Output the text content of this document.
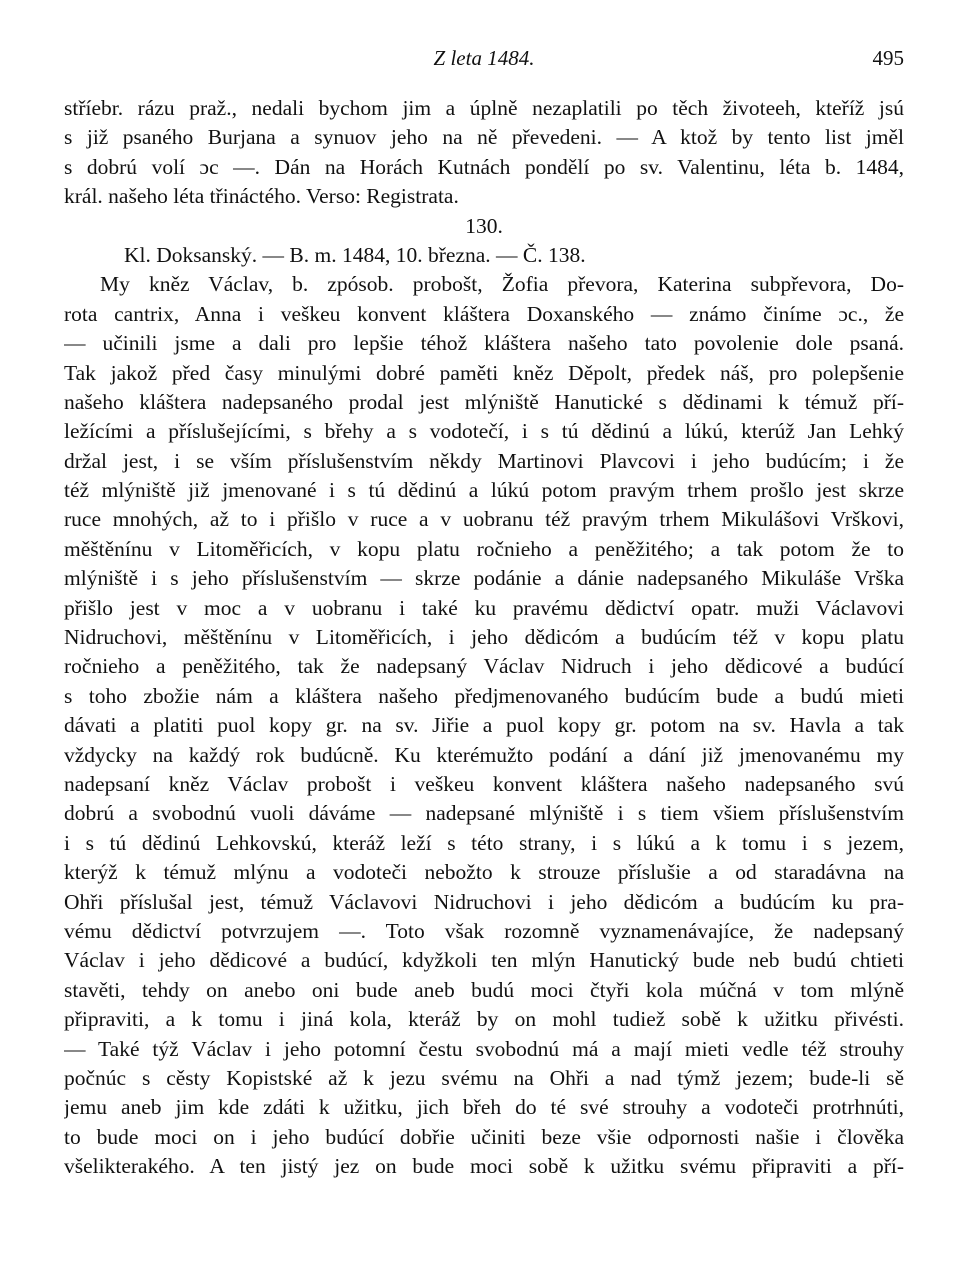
Z leta 1484.	495
stříebr. rázu praž., nedali bychom jim a úplně nezaplatili po těch životeeh, kteříž jsú
s již psaného Burjana a synuov jeho na ně převedeni. — A ktož by tento list jměl
s dobrú volí ɔc —. Dán na Horách Kutnách pondělí po sv. Valentinu, léta b. 1484,
král. našeho léta třináctého. Verso: Registrata.
130.
Kl. Doksanský. — B. m. 1484, 10. března. — Č. 138.
My kněz Václav, b. zpósob. probošt, Žofia převora, Katerina subpřevora, Do-
rota cantrix, Anna i veškeu konvent kláštera Doxanského — známo činíme ɔc., že
— učinili jsme a dali pro lepšie téhož kláštera našeho tato povolenie dole psaná.
Tak jakož před časy minulými dobré paměti kněz Děpolt, předek náš, pro polepšenie
našeho kláštera nadepsaného prodal jest mlýniště Hanutické s dědinami k témuž pří-
ležícími a příslušejícími, s břehy a s vodotečí, i s tú dědinú a lúkú, kterúž Jan Lehký
držal jest, i se vším příslušenstvím někdy Martinovi Plavcovi i jeho budúcím; i že
též mlýniště již jmenované i s tú dědinú a lúkú potom pravým trhem prošlo jest skrze
ruce mnohých, až to i přišlo v ruce a v uobranu též pravým trhem Mikulášovi Vrškovi,
měštěnínu v Litoměřicích, v kopu platu ročnieho a peněžitého; a tak potom že to
mlýniště i s jeho příslušenstvím — skrze podánie a dánie nadepsaného Mikuláše Vrška
přišlo jest v moc a v uobranu i také ku pravému dědictví opatr. muži Václavovi
Nidruchovi, měštěnínu v Litoměřicích, i jeho dědicóm a budúcím též v kopu platu
ročnieho a peněžitého, tak že nadepsaný Václav Nidruch i jeho dědicové a budúcí
s toho zbožie nám a kláštera našeho předjmenovaného budúcím bude a budú mieti
dávati a platiti puol kopy gr. na sv. Jiřie a puol kopy gr. potom na sv. Havla a tak
vždycky na každý rok budúcně. Ku kterémužto podání a dání již jmenovanému my
nadepsaní kněz Václav probošt i veškeu konvent kláštera našeho nadepsaného svú
dobrú a svobodnú vuoli dáváme — nadepsané mlýniště i s tiem všiem příslušenstvím
i s tú dědinú Lehkovskú, kteráž leží s této strany, i s lúkú a k tomu i s jezem,
kterýž k témuž mlýnu a vodoteči nebožto k strouze příslušie a od staradávna na
Ohři příslušal jest, témuž Václavovi Nidruchovi i jeho dědicóm a budúcím ku pra-
vému dědictví potvrzujem —. Toto však rozomně vyznamenávajíce, že nadepsaný
Václav i jeho dědicové a budúcí, kdyžkoli ten mlýn Hanutický bude neb budú chtieti
stavěti, tehdy on anebo oni bude aneb budú moci čtyři kola múčná v tom mlýně
připraviti, a k tomu i jiná kola, kteráž by on mohl tudiež sobě k užitku přivésti.
— Také týž Václav i jeho potomní čestu svobodnú má a mají mieti vedle též strouhy
počnúc s cěsty Kopistské až k jezu svému na Ohři a nad týmž jezem; bude-li sě
jemu aneb jim kde zdáti k užitku, jich břeh do té své strouhy a vodoteči protrhnúti,
to bude moci on i jeho budúcí dobřie učiniti beze všie odpornosti našie i člověka
všelikterakého. A ten jistý jez on bude moci sobě k užitku svému připraviti a pří-
